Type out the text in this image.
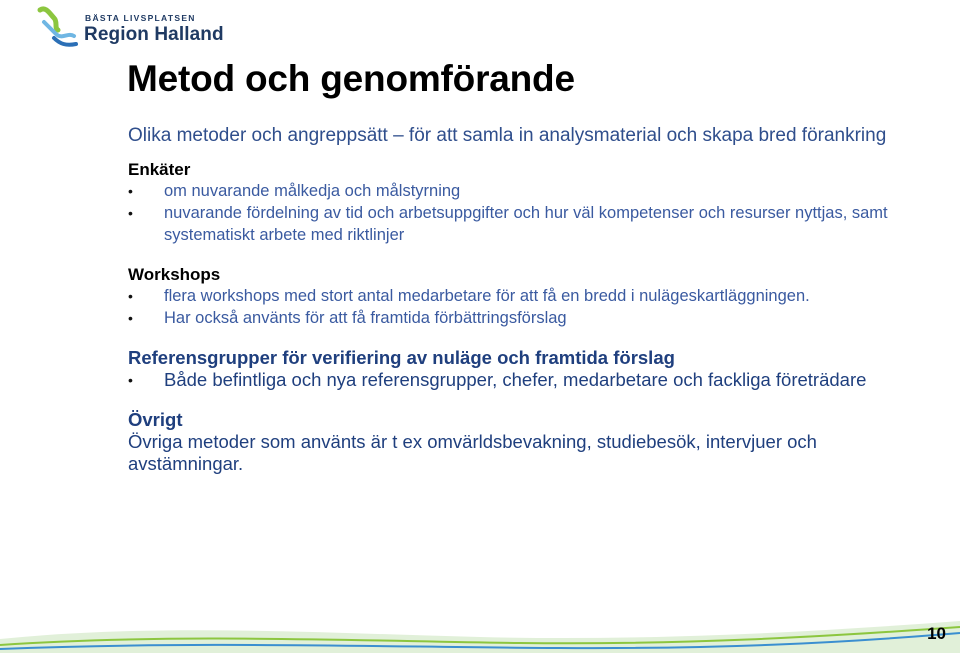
BÄSTA LIVSPLATSEN
Region Halland
Metod och genomförande

Olika metoder och angreppsätt – för att samla in analysmaterial och skapa bred förankring

Enkäter

• om nuvarande målkedja och målstyrning
• nuvarande fördelning av tid och arbetsuppgifter och hur väl kompetenser och resurser nyttjas, samt systematiskt arbete med riktlinjer

Workshops

• flera workshops med stort antal medarbetare för att få en bredd i nulägeskartläggningen.
• Har också använts för att få framtida förbättringsförslag

Referensgrupper för verifiering av nuläge och framtida förslag

• Både befintliga och nya referensgrupper, chefer, medarbetare och fackliga företrädare

Övrigt

Övriga metoder som använts är t ex omvärldsbevakning, studiebesök, intervjuer och avstämningar.

10
